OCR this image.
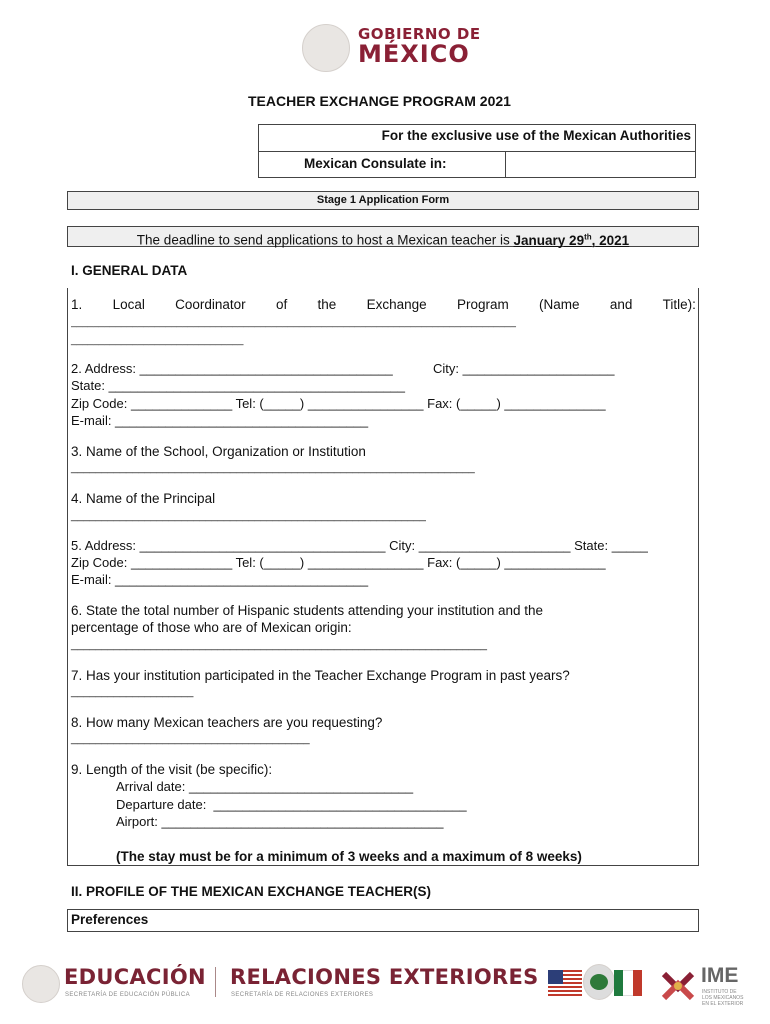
GOBIERNO DE
MÉXICO
TEACHER EXCHANGE PROGRAM 2021
For the exclusive use of the Mexican Authorities
Mexican Consulate in:
Stage 1 Application Form
The deadline to send applications to host a Mexican teacher is January 29th, 2021
I. GENERAL DATA
1. Local Coordinator of the Exchange Program (Name and Title):
________________________________________________________________________________
_______________________________
2. Address: ___________________________________	City: _____________________
State: _________________________________________
Zip Code: ______________ Tel: (_____) ________________ Fax: (_____) ______________
E-mail: ___________________________________
3. Name of the School, Organization or Institution
__________________________________________________________________
4. Name of the Principal
__________________________________________________________
5. Address: __________________________________ City: _____________________ State: _____
Zip Code: ______________ Tel: (_____) ________________ Fax: (_____) ______________
E-mail: ___________________________________
6. State the total number of Hispanic students attending your institution and the
percentage of those who are of Mexican origin:
____________________________________________________________________
7. Has your institution participated in the Teacher Exchange Program in past years?
____________________
8. How many Mexican teachers are you requesting?
_______________________________________
9. Length of the visit (be specific):
Arrival date: _______________________________
Departure date:  ___________________________________
Airport: _______________________________________
(The stay must be for a minimum of 3 weeks and a maximum of 8 weeks)
II. PROFILE OF THE MEXICAN EXCHANGE TEACHER(S)
Preferences
EDUCACIÓN
SECRETARÍA DE EDUCACIÓN PÚBLICA
RELACIONES EXTERIORES
SECRETARÍA DE RELACIONES EXTERIORES
IME
INSTITUTO DE
LOS MEXICANOS
EN EL EXTERIOR
